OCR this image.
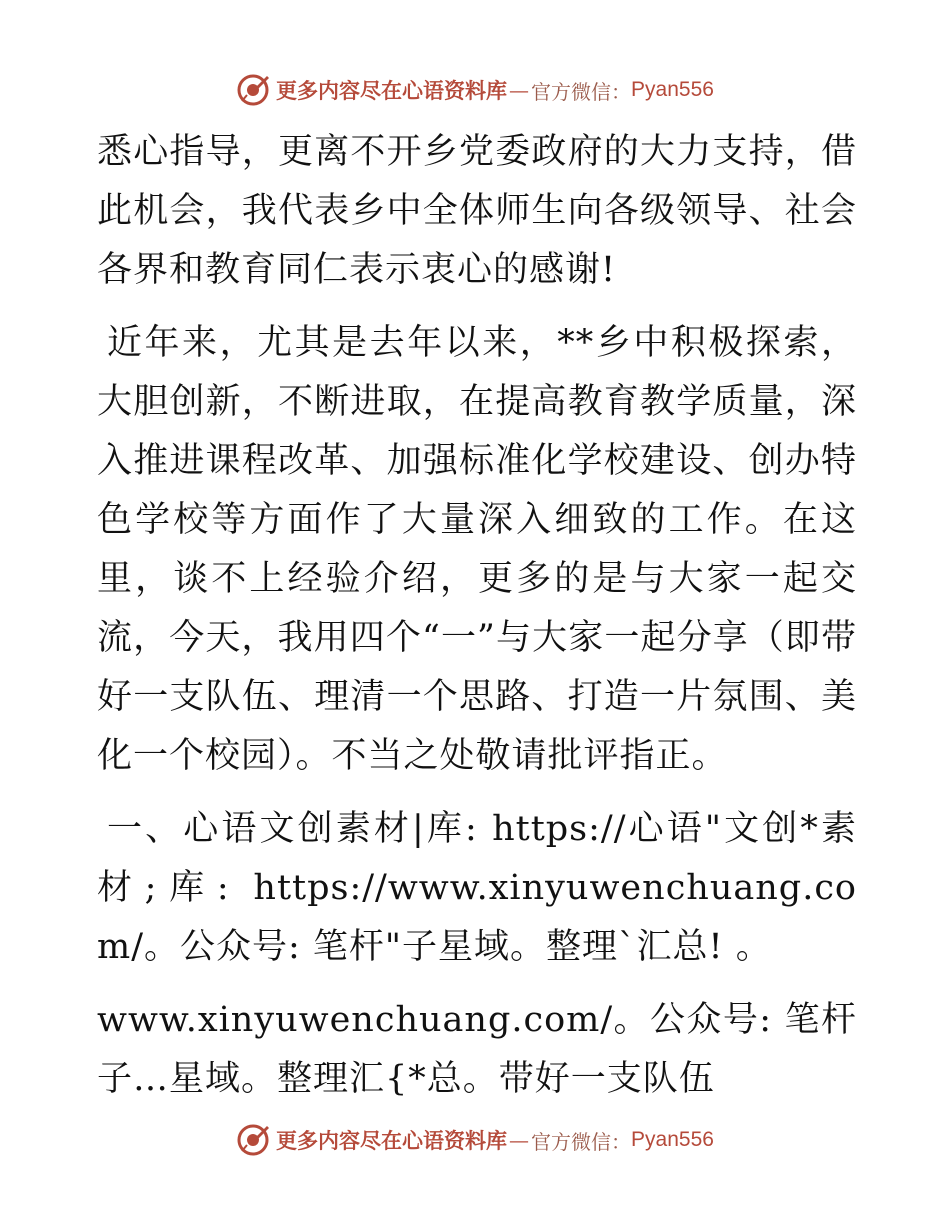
更多内容尽在心语资料库 — 官方微信： Pyan556

悉心指导，更离不开乡党委政府的大力支持，借此机会，我代表乡中全体师生向各级领导、社会各界和教育同仁表示衷心的感谢!

近年来，尤其是去年以来，**乡中积极探索，大胆创新，不断进取，在提高教育教学质量，深入推进课程改革、加强标准化学校建设、创办特色学校等方面作了大量深入细致的工作。在这里，谈不上经验介绍，更多的是与大家一起交流，今天，我用四个“一”与大家一起分享（即带好一支队伍、理清一个思路、打造一片氛围、美化一个校园）。不当之处敬请批评指正。

一、心语文创素材|库: https://心语"文创*素材;库: https://www.xinyuwenchuang.com/。公众号: 笔杆"子星域。整理`汇总! 。

www.xinyuwenchuang.com/。公众号: 笔杆子…星域。整理汇{*总。带好一支队伍

更多内容尽在心语资料库 — 官方微信： Pyan556
